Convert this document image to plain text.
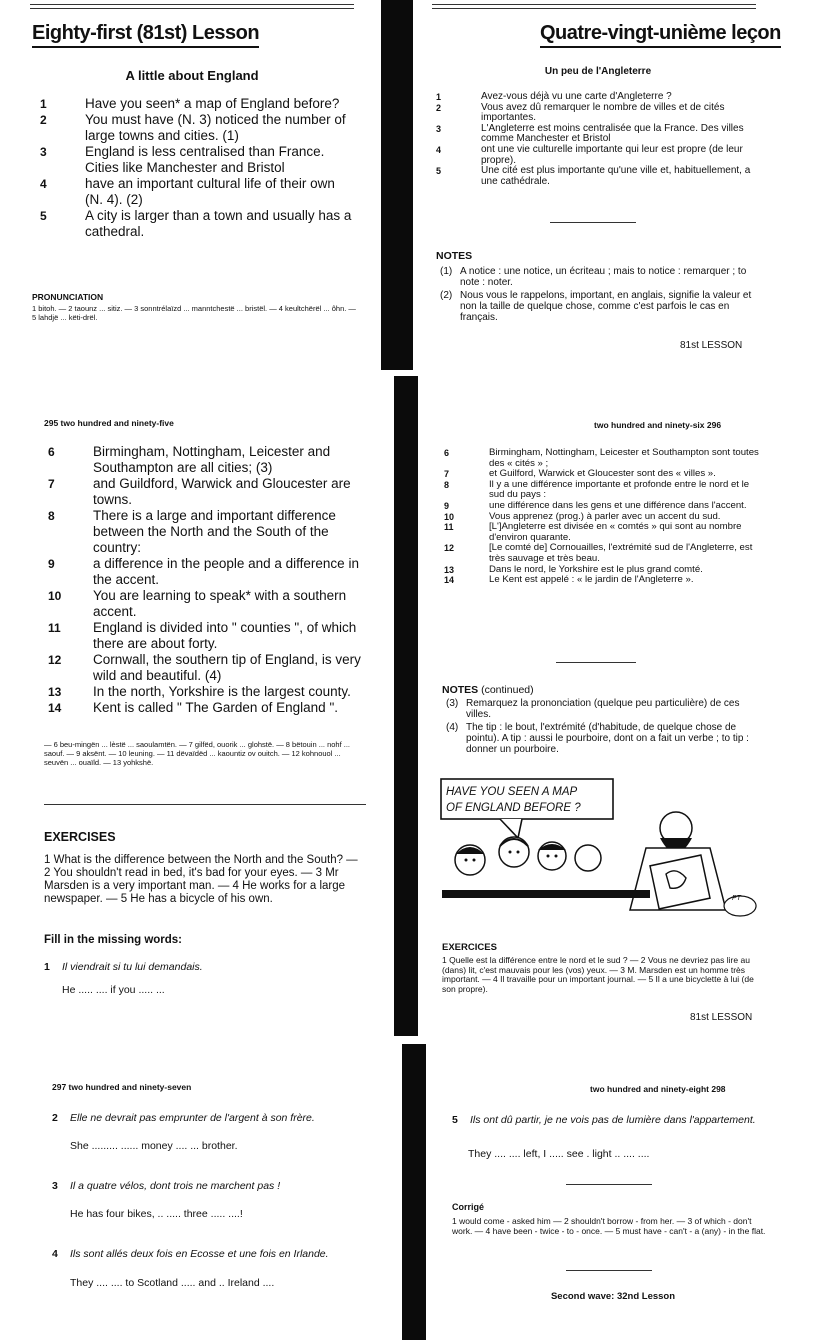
Eighty-first (81st) Lesson
A little about England
1	Have you seen* a map of England before?
2	You must have (N. 3) noticed the number of large towns and cities. (1)
3	England is less centralised than France. Cities like Manchester and Bristol
4	have an important cultural life of their own (N. 4). (2)
5	A city is larger than a town and usually has a cathedral.
PRONUNCIATION
1 bitoh. — 2 taounz ... sitiz. — 3 sonntrélaïzd ... manntchestë ... bristël. — 4 keultchërël ... ôhn. — 5 lahdjë ... këti-drël.
Quatre-vingt-unième leçon
Un peu de l'Angleterre
1	Avez-vous déjà vu une carte d'Angleterre ?
2	Vous avez dû remarquer le nombre de villes et de cités importantes.
3	L'Angleterre est moins centralisée que la France. Des villes comme Manchester et Bristol
4	ont une vie culturelle importante qui leur est propre (de leur propre).
5	Une cité est plus importante qu'une ville et, habituellement, a une cathédrale.
NOTES
(1) A notice : une notice, un écriteau ; mais to notice : remarquer ; to note : noter.
(2) Nous vous le rappelons, important, en anglais, signifie la valeur et non la taille de quelque chose, comme c'est parfois le cas en français.
81st LESSON
295 two hundred and ninety-five
6	Birmingham, Nottingham, Leicester and Southampton are all cities; (3)
7	and Guildford, Warwick and Gloucester are towns.
8	There is a large and important difference between the North and the South of the country:
9	a difference in the people and a difference in the accent.
10	You are learning to speak* with a southern accent.
11	England is divided into " counties ", of which there are about forty.
12	Cornwall, the southern tip of England, is very wild and beautiful. (4)
13	In the north, Yorkshire is the largest county.
14	Kent is called " The Garden of England ".
— 6 beu-mingën ... lèstë ... saoulamtën. — 7 gilfëd, ouorik ... glohstë. — 8 bëtouin ... nohf ... saouf. — 9 aksënt. — 10 leuning. — 11 dëvaïdëd ... kaountiz ov ouitch. — 12 kohnouol ... seuvën ... ouaïld. — 13 yohkshë.
EXERCISES
1 What is the difference between the North and the South? — 2 You shouldn't read in bed, it's bad for your eyes. — 3 Mr Marsden is a very important man. — 4 He works for a large newspaper. — 5 He has a bicycle of his own.
Fill in the missing words:
1 Il viendrait si tu lui demandais.
He ..... .... if you ..... ...
two hundred and ninety-six 296
6	Birmingham, Nottingham, Leicester et Southampton sont toutes des « cités » ;
7	et Guilford, Warwick et Gloucester sont des « villes ».
8	Il y a une différence importante et profonde entre le nord et le sud du pays :
9	une différence dans les gens et une différence dans l'accent.
10	Vous apprenez (prog.) à parler avec un accent du sud.
11	[L']Angleterre est divisée en « comtés » qui sont au nombre d'environ quarante.
12	[Le comté de] Cornouailles, l'extrémité sud de l'Angleterre, est très sauvage et très beau.
13	Dans le nord, le Yorkshire est le plus grand comté.
14	Le Kent est appelé : « le jardin de l'Angleterre ».
NOTES (continued)
(3) Remarquez la prononciation (quelque peu particulière) de ces villes.
(4) The tip : le bout, l'extrémité (d'habitude, de quelque chose de pointu). A tip : aussi le pourboire, dont on a fait un verbe ; to tip : donner un pourboire.
HAVE YOU SEEN A MAP
OF ENGLAND BEFORE ?
PT
EXERCICES
1 Quelle est la différence entre le nord et le sud ? — 2 Vous ne devriez pas lire au (dans) lit, c'est mauvais pour les (vos) yeux. — 3 M. Marsden est un homme très important. — 4 Il travaille pour un important journal. — 5 Il a une bicyclette à lui (de son propre).
81st LESSON
297 two hundred and ninety-seven
2 Elle ne devrait pas emprunter de l'argent à son frère.
She ......... ...... money .... ... brother.
3 Il a quatre vélos, dont trois ne marchent pas !
He has four bikes, .. ..... three ..... ....!
4 Ils sont allés deux fois en Ecosse et une fois en Irlande.
They .... .... to Scotland ..... and .. Ireland ....
two hundred and ninety-eight 298
5 Ils ont dû partir, je ne vois pas de lumière dans l'appartement.
They .... .... left, I ..... see . light .. .... ....
Corrigé
1 would come - asked him — 2 shouldn't borrow - from her. — 3 of which - don't work. — 4 have been - twice - to - once. — 5 must have - can't - a (any) - in the flat.
Second wave: 32nd Lesson
